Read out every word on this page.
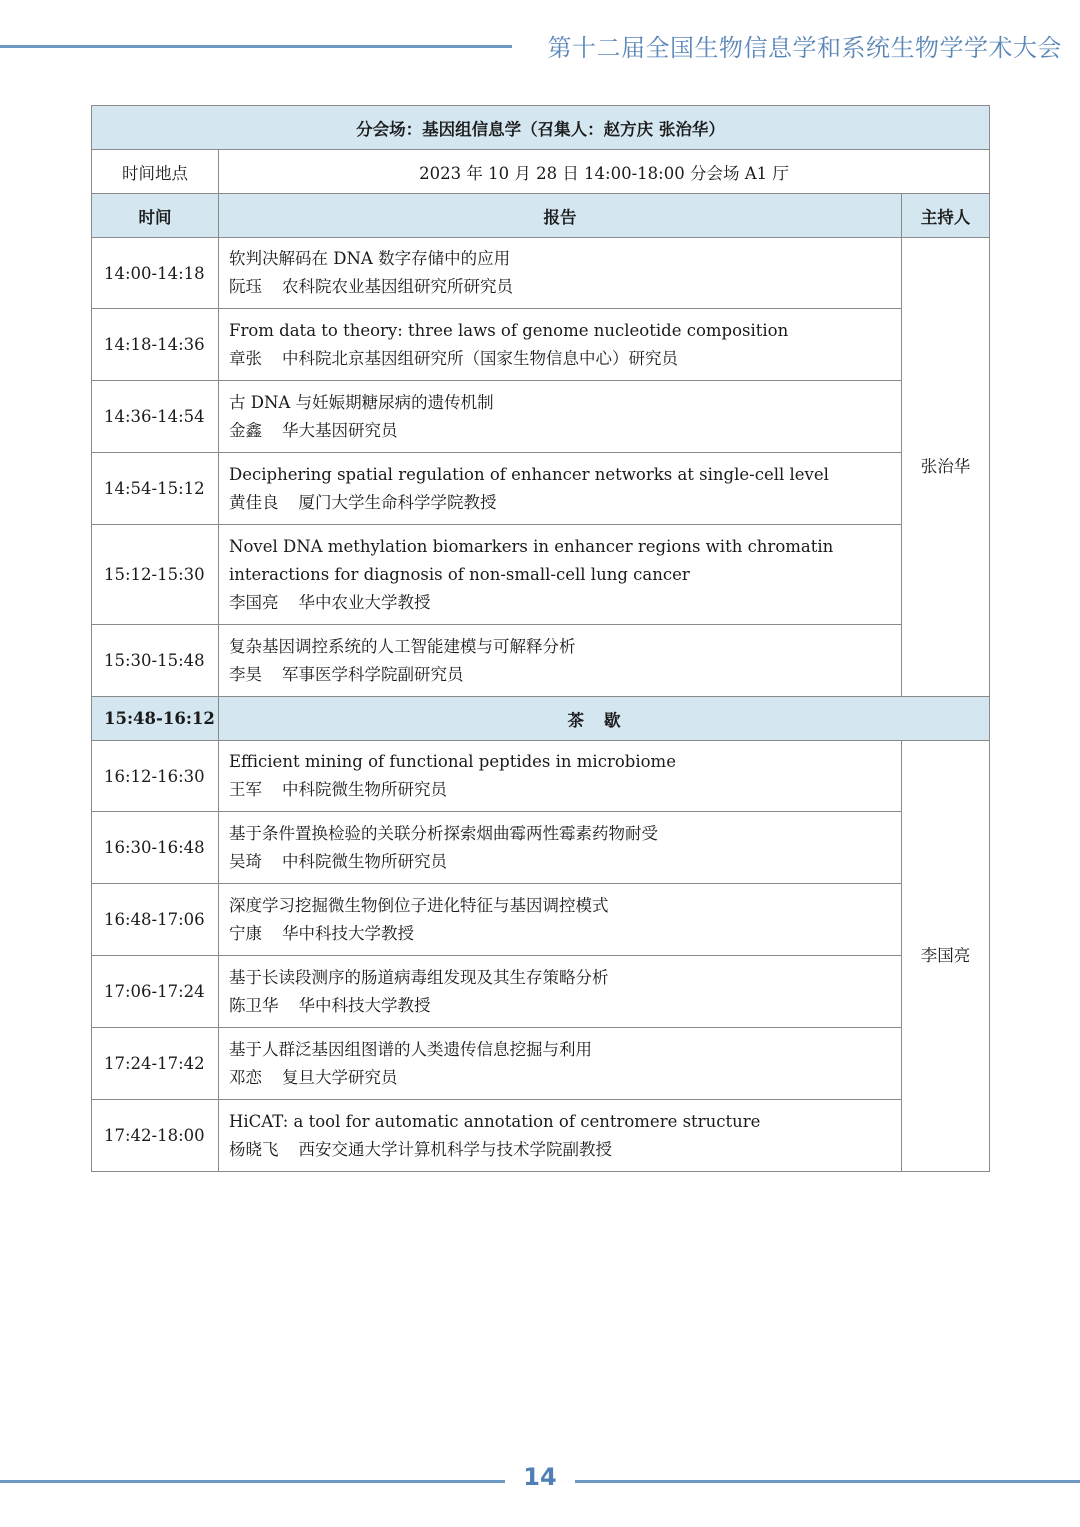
第十二届全国生物信息学和系统生物学学术大会
分会场：基因组信息学（召集人：赵方庆 张治华）		
时间地点	2023 年 10 月 28 日 14:00-18:00 分会场 A1 厅	
时间	报告	主持人
14:00-14:18	软判决解码在 DNA 数字存储中的应用
阮珏 农科院农业基因组研究所研究员	张治华
14:18-14:36	From data to theory: three laws of genome nucleotide composition
章张 中科院北京基因组研究所（国家生物信息中心）研究员	

14:36-14:54	古 DNA 与妊娠期糖尿病的遗传机制
金鑫 华大基因研究员	

14:54-15:12	Deciphering spatial regulation of enhancer networks at single-cell level
黄佳良 厦门大学生命科学学院教授	

15:12-15:30	Novel DNA methylation biomarkers in enhancer regions with chromatin interactions for diagnosis of non-small-cell lung cancer
李国亮 华中农业大学教授	

15:30-15:48	复杂基因调控系统的人工智能建模与可解释分析
李昊 军事医学科学院副研究员	

15:48-16:12	茶歇	
16:12-16:30	Efficient mining of functional peptides in microbiome
王军 中科院微生物所研究员	李国亮
16:30-16:48	基于条件置换检验的关联分析探索烟曲霉两性霉素药物耐受
吴琦 中科院微生物所研究员	

16:48-17:06	深度学习挖掘微生物倒位子进化特征与基因调控模式
宁康 华中科技大学教授	

17:06-17:24	基于长读段测序的肠道病毒组发现及其生存策略分析
陈卫华 华中科技大学教授	

17:24-17:42	基于人群泛基因组图谱的人类遗传信息挖掘与利用
邓恋 复旦大学研究员	

17:42-18:00	HiCAT: a tool for automatic annotation of centromere structure
杨晓飞 西安交通大学计算机科学与技术学院副教授	
14
